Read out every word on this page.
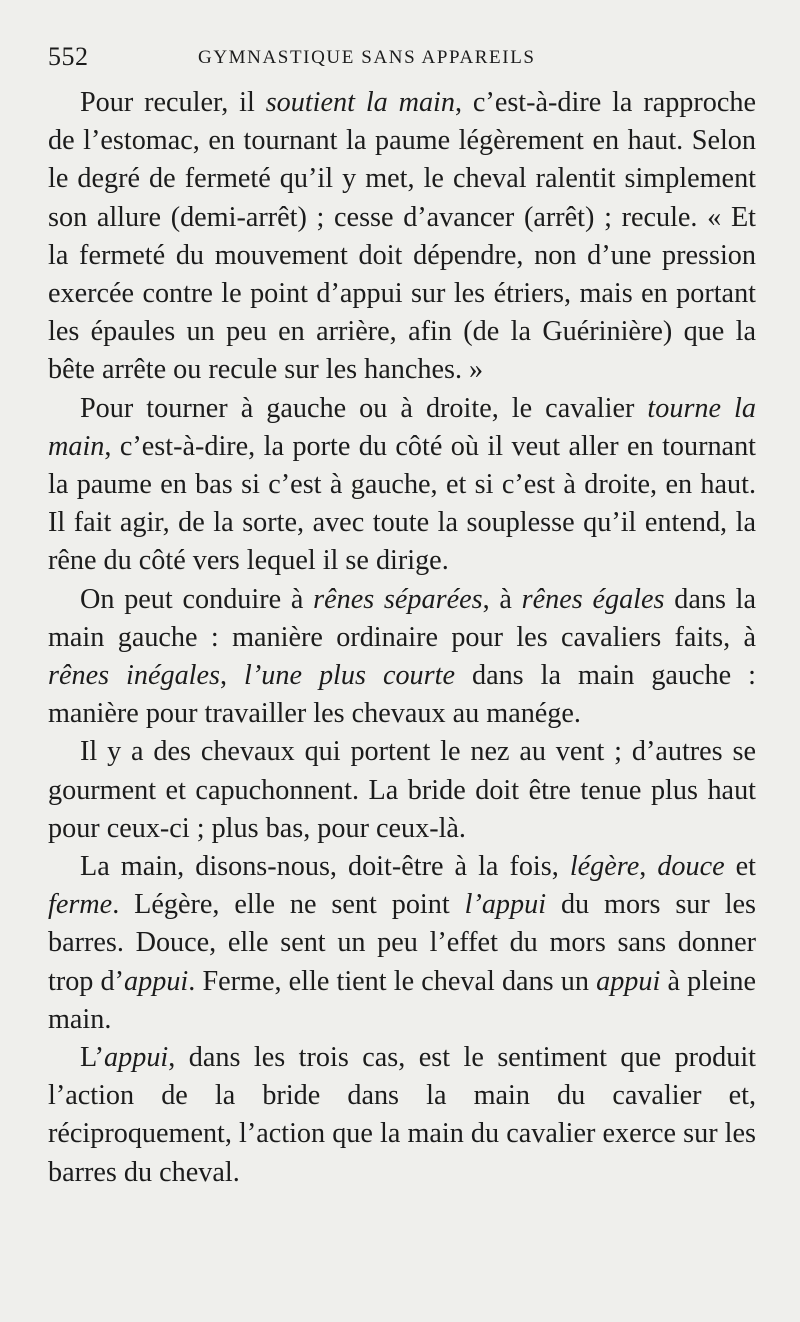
552	GYMNASTIQUE SANS APPAREILS

Pour reculer, il soutient la main, c’est-à-dire la rapproche de l’estomac, en tournant la paume légèrement en haut. Selon le degré de fermeté qu’il y met, le cheval ralentit simplement son allure (demi-arrêt) ; cesse d’avancer (arrêt) ; recule. « Et la fermeté du mouvement doit dépendre, non d’une pression exercée contre le point d’appui sur les étriers, mais en portant les épaules un peu en arrière, afin (de la Guérinière) que la bête arrête ou recule sur les hanches. »

Pour tourner à gauche ou à droite, le cavalier tourne la main, c’est-à-dire, la porte du côté où il veut aller en tournant la paume en bas si c’est à gauche, et si c’est à droite, en haut. Il fait agir, de la sorte, avec toute la souplesse qu’il entend, la rêne du côté vers lequel il se dirige.

On peut conduire à rênes séparées, à rênes égales dans la main gauche : manière ordinaire pour les cavaliers faits, à rênes inégales, l’une plus courte dans la main gauche : manière pour travailler les chevaux au manége.

Il y a des chevaux qui portent le nez au vent ; d’autres se gourment et capuchonnent. La bride doit être tenue plus haut pour ceux-ci ; plus bas, pour ceux-là.

La main, disons-nous, doit-être à la fois, légère, douce et ferme. Légère, elle ne sent point l’appui du mors sur les barres. Douce, elle sent un peu l’effet du mors sans donner trop d’appui. Ferme, elle tient le cheval dans un appui à pleine main.

L’appui, dans les trois cas, est le sentiment que produit l’action de la bride dans la main du cavalier et, réciproquement, l’action que la main du cavalier exerce sur les barres du cheval.
